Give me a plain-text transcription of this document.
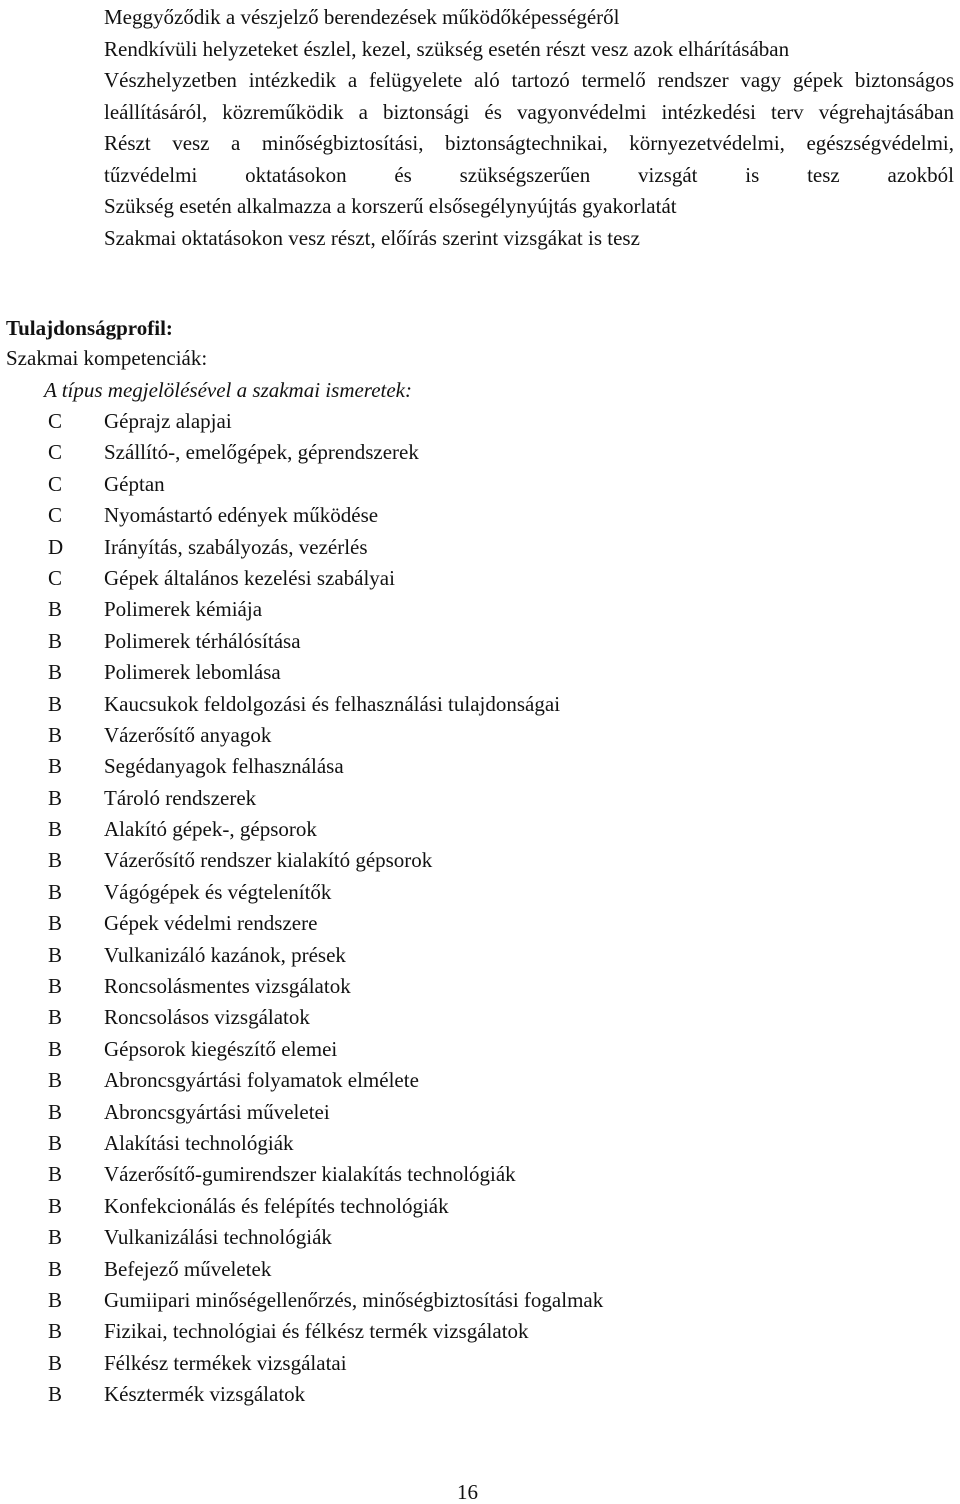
Meggyőződik a vészjelző berendezések működőképességéről
Rendkívüli helyzeteket észlel, kezel, szükség esetén részt vesz azok elhárításában
Vészhelyzetben intézkedik a felügyelete aló tartozó termelő rendszer vagy gépek biztonságos leállításáról, közreműködik a biztonsági és vagyonvédelmi intézkedési terv végrehajtásában
Részt vesz a minőségbiztosítási, biztonságtechnikai, környezetvédelmi, egészségvédelmi, tűzvédelmi oktatásokon és szükségszerűen vizsgát is tesz azokból
Szükség esetén alkalmazza a korszerű elsősegélynyújtás gyakorlatát
Szakmai oktatásokon vesz részt, előírás szerint vizsgákat is tesz
Tulajdonságprofil:

Szakmai kompetenciák:

A típus megjelölésével a szakmai ismeretek:

C	Géprajz alapjai
C	Szállító-, emelőgépek, géprendszerek
C	Géptan
C	Nyomástartó edények működése
D	Irányítás, szabályozás, vezérlés
C	Gépek általános kezelési szabályai
B	Polimerek kémiája
B	Polimerek térhálósítása
B	Polimerek lebomlása
B	Kaucsukok feldolgozási és felhasználási tulajdonságai
B	Vázerősítő anyagok
B	Segédanyagok felhasználása
B	Tároló rendszerek
B	Alakító gépek-, gépsorok
B	Vázerősítő rendszer kialakító gépsorok
B	Vágógépek és végtelenítők
B	Gépek védelmi rendszere
B	Vulkanizáló kazánok, prések
B	Roncsolásmentes vizsgálatok
B	Roncsolásos vizsgálatok
B	Gépsorok kiegészítő elemei
B	Abroncsgyártási folyamatok elmélete
B	Abroncsgyártási műveletei
B	Alakítási technológiák
B	Vázerősítő-gumirendszer kialakítás technológiák
B	Konfekcionálás és felépítés technológiák
B	Vulkanizálási technológiák
B	Befejező műveletek
B	Gumiipari minőségellenőrzés, minőségbiztosítási fogalmak
B	Fizikai, technológiai és félkész termék vizsgálatok
B	Félkész termékek vizsgálatai
B	Késztermék vizsgálatok
16
